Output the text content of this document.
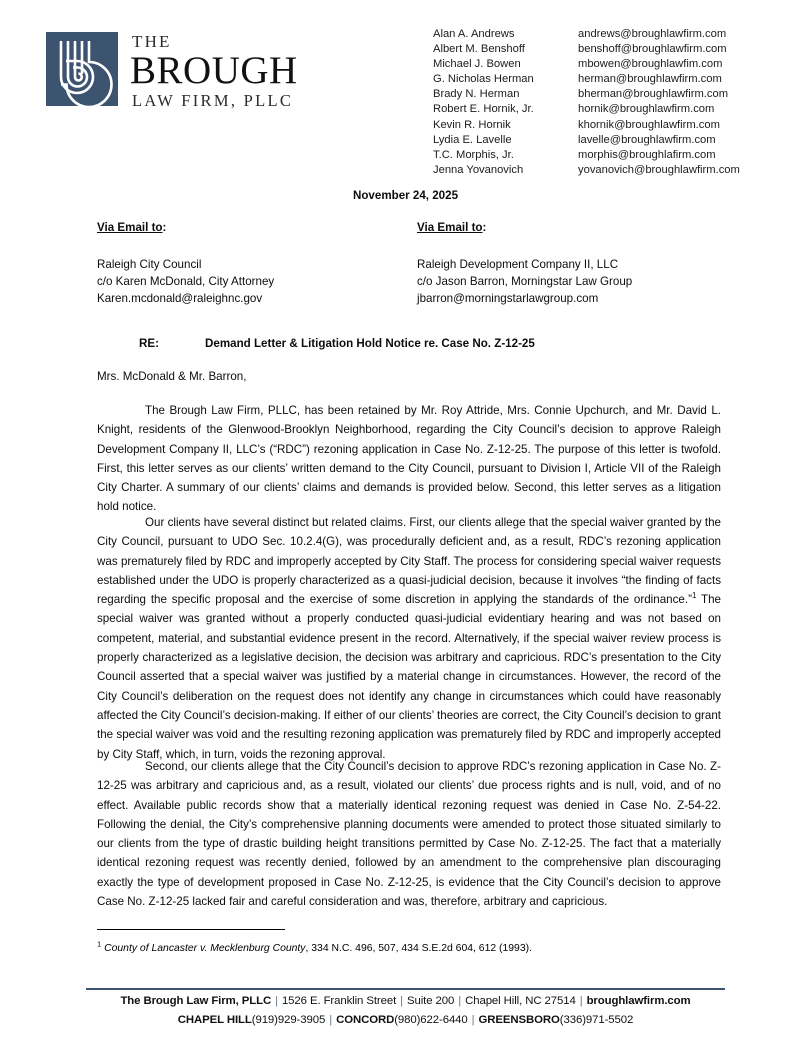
THE
BROUGH
LAW FIRM, PLLC
Alan A. Andrews	andrews@broughlawfirm.com
Albert M. Benshoff	benshoff@broughlawfirm.com
Michael J. Bowen	mbowen@broughlawfim.com
G. Nicholas Herman	herman@broughlawfirm.com
Brady N. Herman	bherman@broughlawfirm.com
Robert E. Hornik, Jr.	hornik@broughlawfirm.com
Kevin R. Hornik	khornik@broughlawfirm.com
Lydia E. Lavelle	lavelle@broughlawfirm.com
T.C. Morphis, Jr.	morphis@broughlafirm.com
Jenna Yovanovich	yovanovich@broughlawfirm.com
November 24, 2025
Via Email to:
Raleigh City Council
c/o Karen McDonald, City Attorney
Karen.mcdonald@raleighnc.gov
Via Email to:
Raleigh Development Company II, LLC
c/o Jason Barron, Morningstar Law Group
jbarron@morningstarlawgroup.com
RE:	Demand Letter & Litigation Hold Notice re. Case No. Z-12-25
Mrs. McDonald & Mr. Barron,
The Brough Law Firm, PLLC, has been retained by Mr. Roy Attride, Mrs. Connie Upchurch, and Mr. David L. Knight, residents of the Glenwood-Brooklyn Neighborhood, regarding the City Council’s decision to approve Raleigh Development Company II, LLC’s (“RDC”) rezoning application in Case No. Z-12-25. The purpose of this letter is twofold. First, this letter serves as our clients’ written demand to the City Council, pursuant to Division I, Article VII of the Raleigh City Charter. A summary of our clients’ claims and demands is provided below. Second, this letter serves as a litigation hold notice.
Our clients have several distinct but related claims. First, our clients allege that the special waiver granted by the City Council, pursuant to UDO Sec. 10.2.4(G), was procedurally deficient and, as a result, RDC’s rezoning application was prematurely filed by RDC and improperly accepted by City Staff. The process for considering special waiver requests established under the UDO is properly characterized as a quasi-judicial decision, because it involves “the finding of facts regarding the specific proposal and the exercise of some discretion in applying the standards of the ordinance.”$^1$ The special waiver was granted without a properly conducted quasi-judicial evidentiary hearing and was not based on competent, material, and substantial evidence present in the record. Alternatively, if the special waiver review process is properly characterized as a legislative decision, the decision was arbitrary and capricious. RDC’s presentation to the City Council asserted that a special waiver was justified by a material change in circumstances. However, the record of the City Council’s deliberation on the request does not identify any change in circumstances which could have reasonably affected the City Council’s decision-making. If either of our clients’ theories are correct, the City Council’s decision to grant the special waiver was void and the resulting rezoning application was prematurely filed by RDC and improperly accepted by City Staff, which, in turn, voids the rezoning approval.
Second, our clients allege that the City Council’s decision to approve RDC’s rezoning application in Case No. Z-12-25 was arbitrary and capricious and, as a result, violated our clients’ due process rights and is null, void, and of no effect. Available public records show that a materially identical rezoning request was denied in Case No. Z-54-22. Following the denial, the City’s comprehensive planning documents were amended to protect those situated similarly to our clients from the type of drastic building height transitions permitted by Case No. Z-12-25. The fact that a materially identical rezoning request was recently denied, followed by an amendment to the comprehensive plan discouraging exactly the type of development proposed in Case No. Z-12-25, is evidence that the City Council’s decision to approve Case No. Z-12-25 lacked fair and careful consideration and was, therefore, arbitrary and capricious.
$^1$ County of Lancaster v. Mecklenburg County, 334 N.C. 496, 507, 434 S.E.2d 604, 612 (1993).
The Brough Law Firm, PLLC | 1526 E. Franklin Street | Suite 200 | Chapel Hill, NC 27514 | broughlawfirm.com
CHAPEL HILL(919)929-3905 | CONCORD(980)622-6440 | GREENSBORO(336)971-5502
